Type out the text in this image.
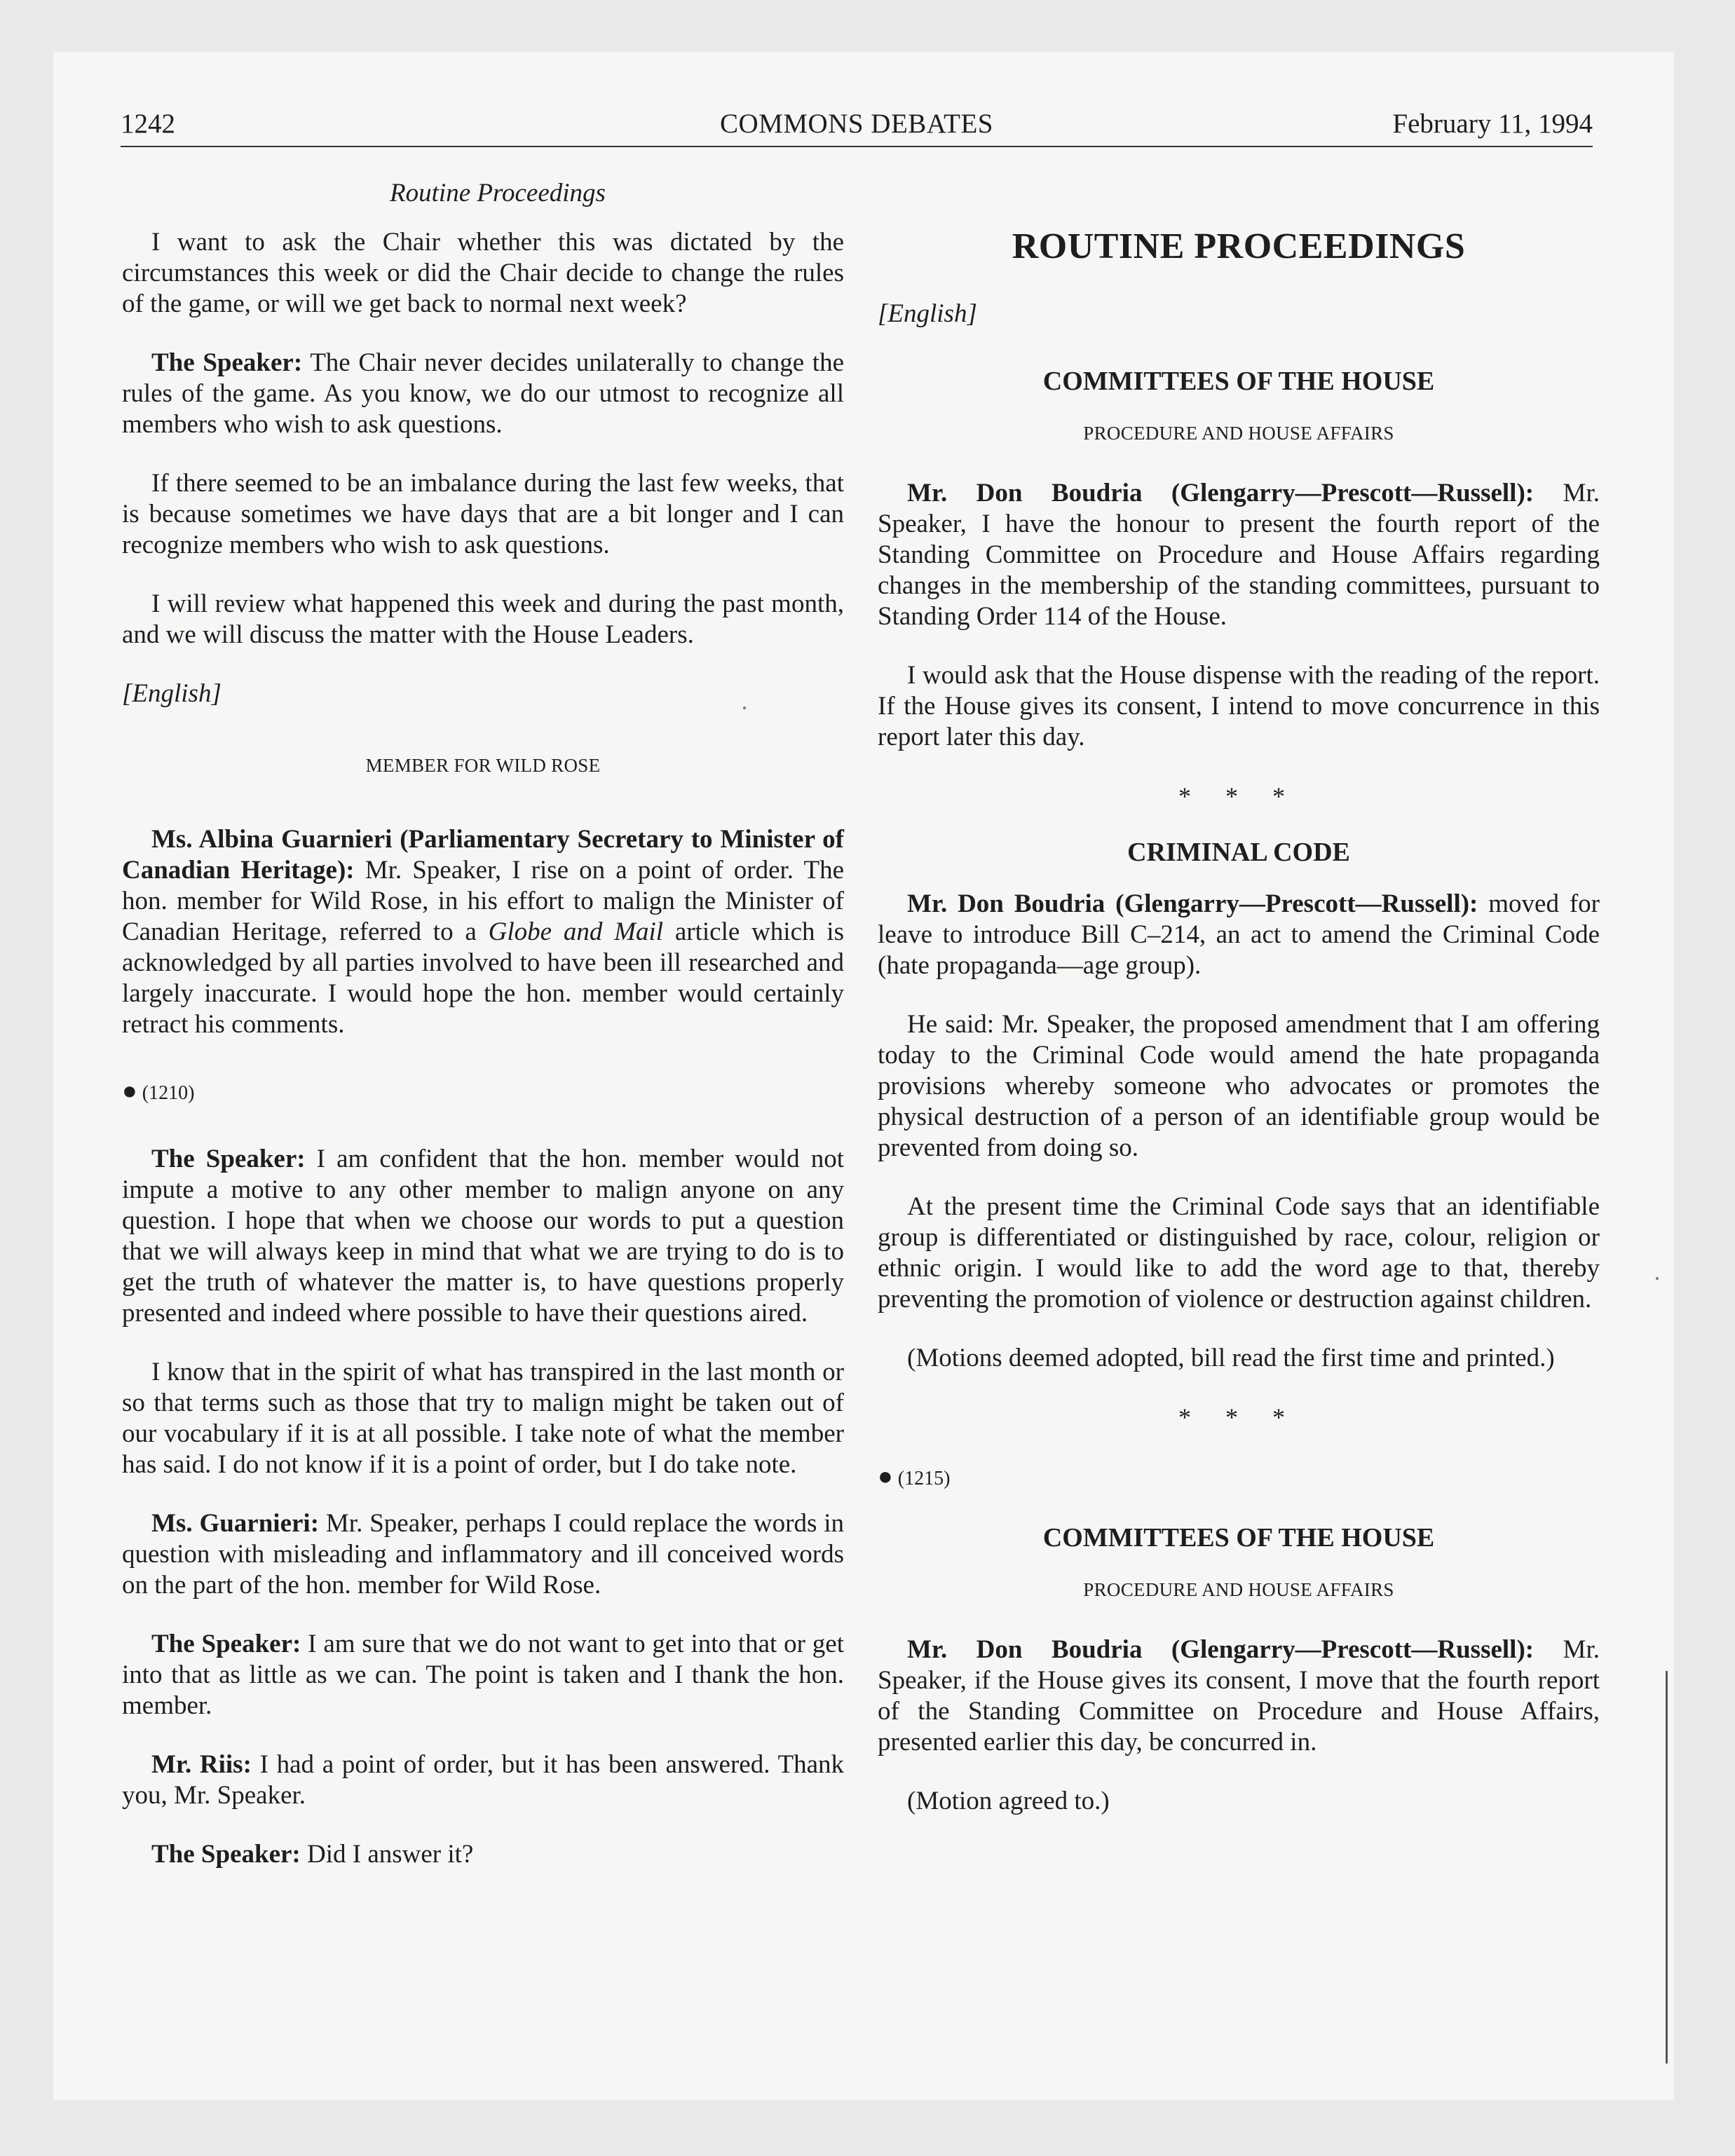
1242	COMMONS DEBATES	February 11, 1994

Routine Proceedings

I want to ask the Chair whether this was dictated by the circumstances this week or did the Chair decide to change the rules of the game, or will we get back to normal next week?

The Speaker: The Chair never decides unilaterally to change the rules of the game. As you know, we do our utmost to recognize all members who wish to ask questions.

If there seemed to be an imbalance during the last few weeks, that is because sometimes we have days that are a bit longer and I can recognize members who wish to ask questions.

I will review what happened this week and during the past month, and we will discuss the matter with the House Leaders.

[English]

MEMBER FOR WILD ROSE

Ms. Albina Guarnieri (Parliamentary Secretary to Minister of Canadian Heritage): Mr. Speaker, I rise on a point of order. The hon. member for Wild Rose, in his effort to malign the Minister of Canadian Heritage, referred to a Globe and Mail article which is acknowledged by all parties involved to have been ill researched and largely inaccurate. I would hope the hon. member would certainly retract his comments.

● (1210)

The Speaker: I am confident that the hon. member would not impute a motive to any other member to malign anyone on any question. I hope that when we choose our words to put a question that we will always keep in mind that what we are trying to do is to get the truth of whatever the matter is, to have questions properly presented and indeed where possible to have their questions aired.

I know that in the spirit of what has transpired in the last month or so that terms such as those that try to malign might be taken out of our vocabulary if it is at all possible. I take note of what the member has said. I do not know if it is a point of order, but I do take note.

Ms. Guarnieri: Mr. Speaker, perhaps I could replace the words in question with misleading and inflammatory and ill conceived words on the part of the hon. member for Wild Rose.

The Speaker: I am sure that we do not want to get into that or get into that as little as we can. The point is taken and I thank the hon. member.

Mr. Riis: I had a point of order, but it has been answered. Thank you, Mr. Speaker.

The Speaker: Did I answer it?

ROUTINE PROCEEDINGS

[English]

COMMITTEES OF THE HOUSE

PROCEDURE AND HOUSE AFFAIRS

Mr. Don Boudria (Glengarry—Prescott—Russell): Mr. Speaker, I have the honour to present the fourth report of the Standing Committee on Procedure and House Affairs regarding changes in the membership of the standing committees, pursuant to Standing Order 114 of the House.

I would ask that the House dispense with the reading of the report. If the House gives its consent, I intend to move concurrence in this report later this day.

* * *

CRIMINAL CODE

Mr. Don Boudria (Glengarry—Prescott—Russell): moved for leave to introduce Bill C–214, an act to amend the Criminal Code (hate propaganda—age group).

He said: Mr. Speaker, the proposed amendment that I am offering today to the Criminal Code would amend the hate propaganda provisions whereby someone who advocates or promotes the physical destruction of a person of an identifiable group would be prevented from doing so.

At the present time the Criminal Code says that an identifiable group is differentiated or distinguished by race, colour, religion or ethnic origin. I would like to add the word age to that, thereby preventing the promotion of violence or destruction against children.

(Motions deemed adopted, bill read the first time and printed.)

* * *

● (1215)

COMMITTEES OF THE HOUSE

PROCEDURE AND HOUSE AFFAIRS

Mr. Don Boudria (Glengarry—Prescott—Russell): Mr. Speaker, if the House gives its consent, I move that the fourth report of the Standing Committee on Procedure and House Affairs, presented earlier this day, be concurred in.

(Motion agreed to.)
